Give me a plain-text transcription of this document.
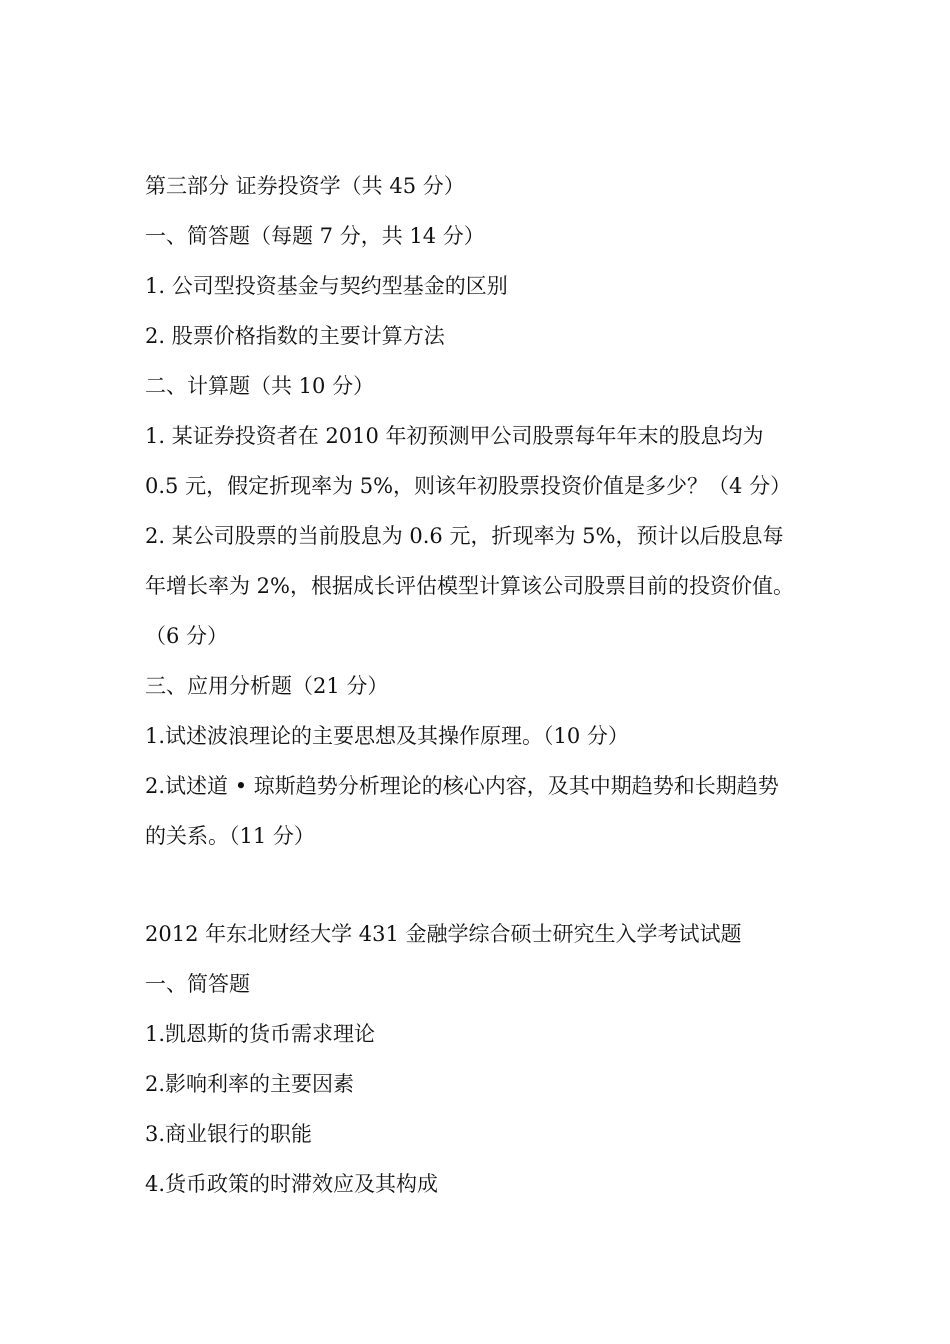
第三部分 证券投资学（共 45 分）

一、简答题（每题 7 分，共 14 分）

1. 公司型投资基金与契约型基金的区别

2. 股票价格指数的主要计算方法

二、计算题（共 10 分）

1. 某证券投资者在 2010 年初预测甲公司股票每年年末的股息均为

0.5 元，假定折现率为 5%，则该年初股票投资价值是多少？（4 分）

2. 某公司股票的当前股息为 0.6 元，折现率为 5%，预计以后股息每

年增长率为 2%，根据成长评估模型计算该公司股票目前的投资价值。

（6 分）

三、应用分析题（21 分）

1.试述波浪理论的主要思想及其操作原理。（10 分）

2.试述道 • 琼斯趋势分析理论的核心内容，及其中期趋势和长期趋势

的关系。（11 分）

2012 年东北财经大学 431 金融学综合硕士研究生入学考试试题

一、简答题

1.凯恩斯的货币需求理论

2.影响利率的主要因素

3.商业银行的职能

4.货币政策的时滞效应及其构成
